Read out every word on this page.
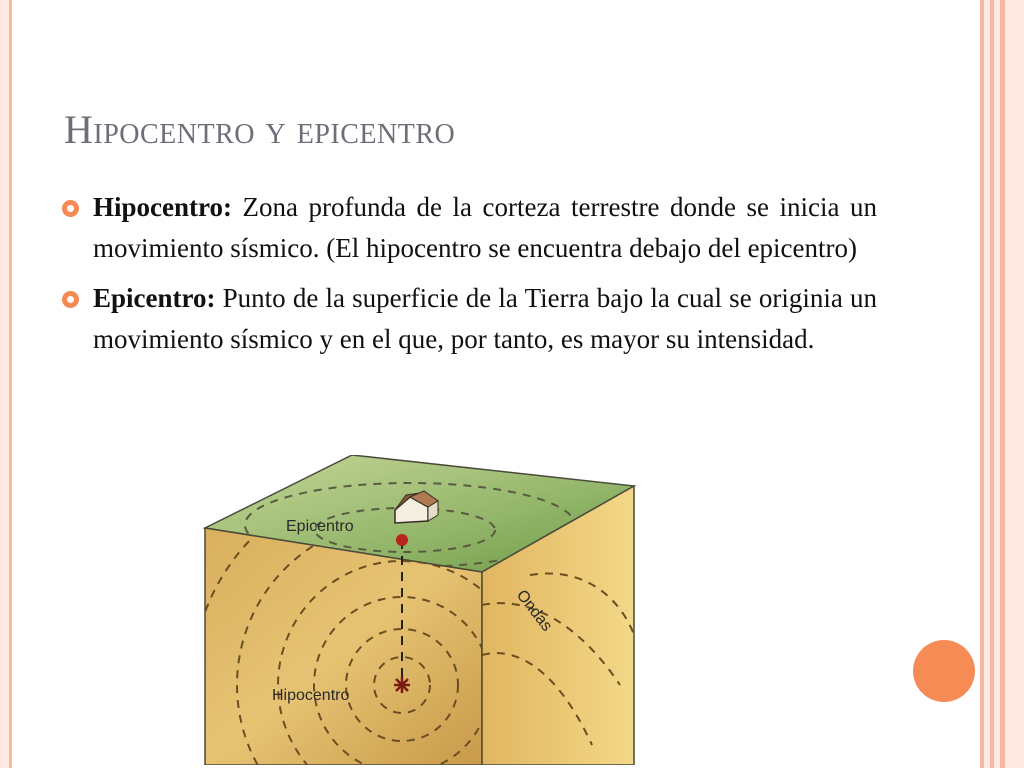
Hipocentro y epicentro
Hipocentro: Zona profunda de la corteza terrestre donde se inicia un movimiento sísmico. (El hipocentro se encuentra debajo del epicentro)
Epicentro: Punto de la superficie de la Tierra bajo la cual se originia un movimiento sísmico y en el que, por tanto, es mayor su intensidad.
Epicentro
Ondas
Hipocentro
